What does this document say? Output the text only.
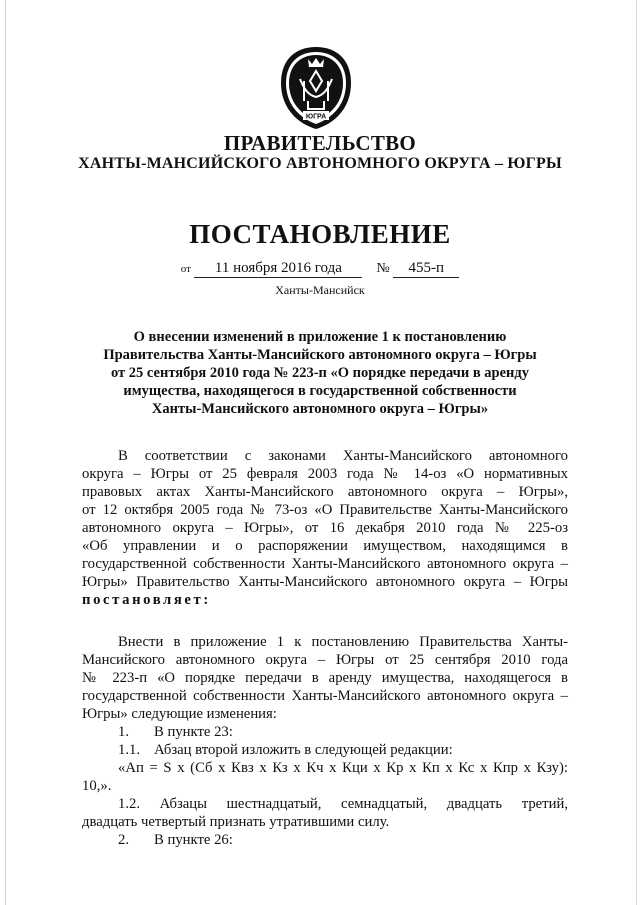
ЮГРА
ПРАВИТЕЛЬСТВО
ХАНТЫ-МАНСИЙСКОГО АВТОНОМНОГО ОКРУГА – ЮГРЫ
ПОСТАНОВЛЕНИЕ
от 11 ноября 2016 года № 455-п
Ханты-Мансийск
О внесении изменений в приложение 1 к постановлению
Правительства Ханты-Мансийского автономного округа – Югры
от 25 сентября 2010 года № 223-п «О порядке передачи в аренду
имущества, находящегося в государственной собственности
Ханты-Мансийского автономного округа – Югры»
В соответствии с законами Ханты-Мансийского автономного
округа – Югры от 25 февраля 2003 года № 14-оз «О нормативных
правовых актах Ханты-Мансийского автономного округа – Югры»,
от 12 октября 2005 года № 73-оз «О Правительстве Ханты-Мансийского
автономного округа – Югры», от 16 декабря 2010 года № 225-оз
«Об управлении и о распоряжении имуществом, находящимся в
государственной собственности Ханты-Мансийского автономного округа –
Югры» Правительство Ханты-Мансийского автономного округа – Югры
постановляет:
Внести в приложение 1 к постановлению Правительства Ханты-
Мансийского автономного округа – Югры от 25 сентября 2010 года
№ 223-п «О порядке передачи в аренду имущества, находящегося в
государственной собственности Ханты-Мансийского автономного округа –
Югры» следующие изменения:
1.	В пункте 23:
1.1. Абзац второй изложить в следующей редакции:
«Ап = S x (Сб x Квз x Кз x Кч x Кци x Кр x Кп x Кс x Кпр x Кзу):
10,».
1.2. Абзацы шестнадцатый, семнадцатый, двадцать третий,
двадцать четвертый признать утратившими силу.
2.	В пункте 26:
